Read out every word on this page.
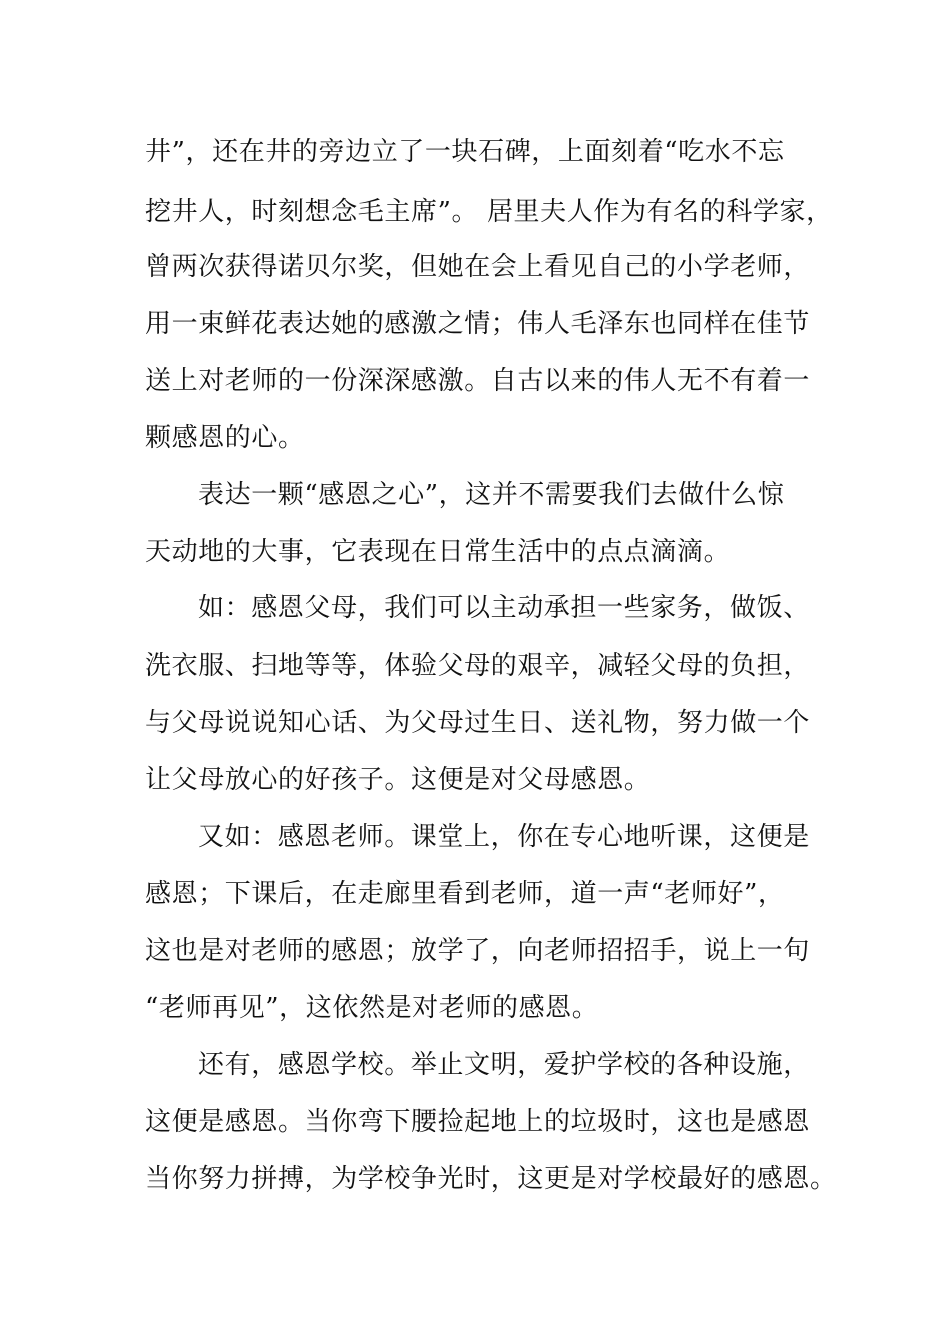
井”，还在井的旁边立了一块石碑，上面刻着“吃水不忘
挖井人，时刻想念毛主席”。 居里夫人作为有名的科学家，
曾两次获得诺贝尔奖，但她在会上看见自己的小学老师，
用一束鲜花表达她的感激之情；伟人毛泽东也同样在佳节
送上对老师的一份深深感激。自古以来的伟人无不有着一
颗感恩的心。
表达一颗“感恩之心”，这并不需要我们去做什么惊
天动地的大事，它表现在日常生活中的点点滴滴。
如：感恩父母，我们可以主动承担一些家务，做饭、
洗衣服、扫地等等，体验父母的艰辛，减轻父母的负担，
与父母说说知心话、为父母过生日、送礼物，努力做一个
让父母放心的好孩子。这便是对父母感恩。
又如：感恩老师。课堂上，你在专心地听课，这便是
感恩；下课后，在走廊里看到老师，道一声“老师好”，
这也是对老师的感恩；放学了，向老师招招手，说上一句
“老师再见”，这依然是对老师的感恩。
还有，感恩学校。举止文明，爱护学校的各种设施，
这便是感恩。当你弯下腰捡起地上的垃圾时，这也是感恩
当你努力拼搏，为学校争光时，这更是对学校最好的感恩。
